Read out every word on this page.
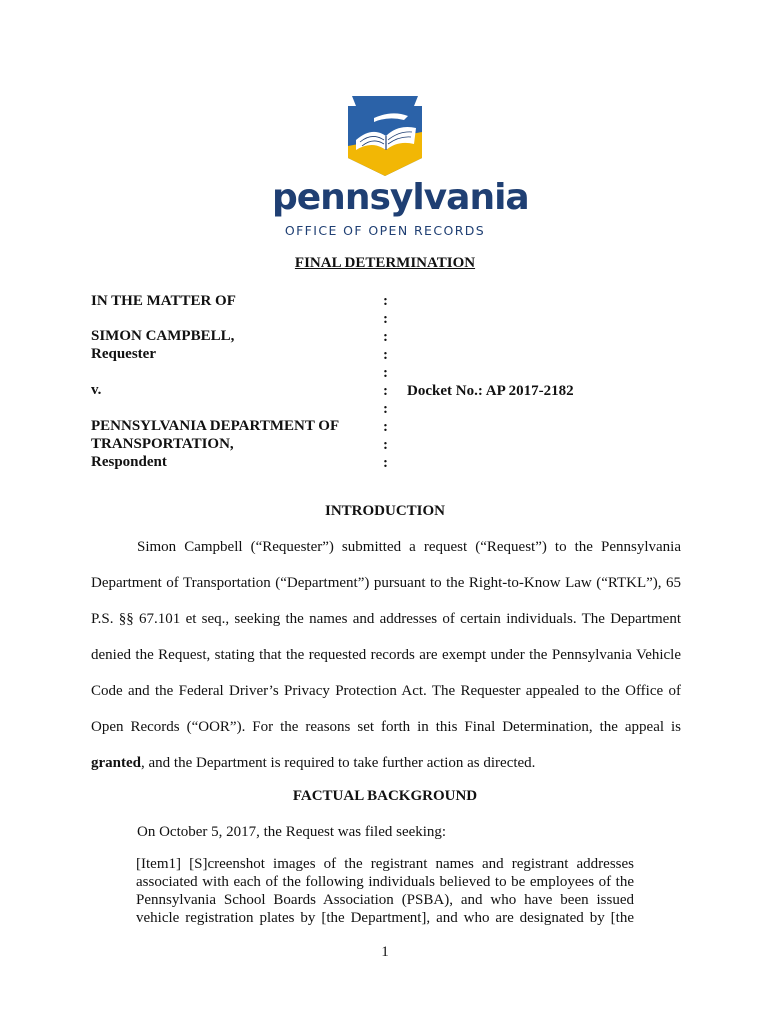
pennsylvania
OFFICE OF OPEN RECORDS
FINAL DETERMINATION
IN THE MATTER OF
SIMON CAMPBELL,
Requester
v.
PENNSYLVANIA DEPARTMENT OF
TRANSPORTATION,
Respondent
:
:
:
:
:
:
:
:
:
:
Docket No.: AP 2017-2182
INTRODUCTION
Simon Campbell (“Requester”) submitted a request (“Request”) to the Pennsylvania
Department of Transportation (“Department”) pursuant to the Right-to-Know Law (“RTKL”), 65
P.S. §§ 67.101 et seq., seeking the names and addresses of certain individuals. The Department
denied the Request, stating that the requested records are exempt under the Pennsylvania Vehicle
Code and the Federal Driver’s Privacy Protection Act. The Requester appealed to the Office of
Open Records (“OOR”). For the reasons set forth in this Final Determination, the appeal is
granted, and the Department is required to take further action as directed.
FACTUAL BACKGROUND
On October 5, 2017, the Request was filed seeking:
[Item1] [S]creenshot images of the registrant names and registrant addresses
associated with each of the following individuals believed to be employees of the
Pennsylvania School Boards Association (PSBA), and who have been issued
vehicle registration plates by [the Department], and who are designated by [the
1
